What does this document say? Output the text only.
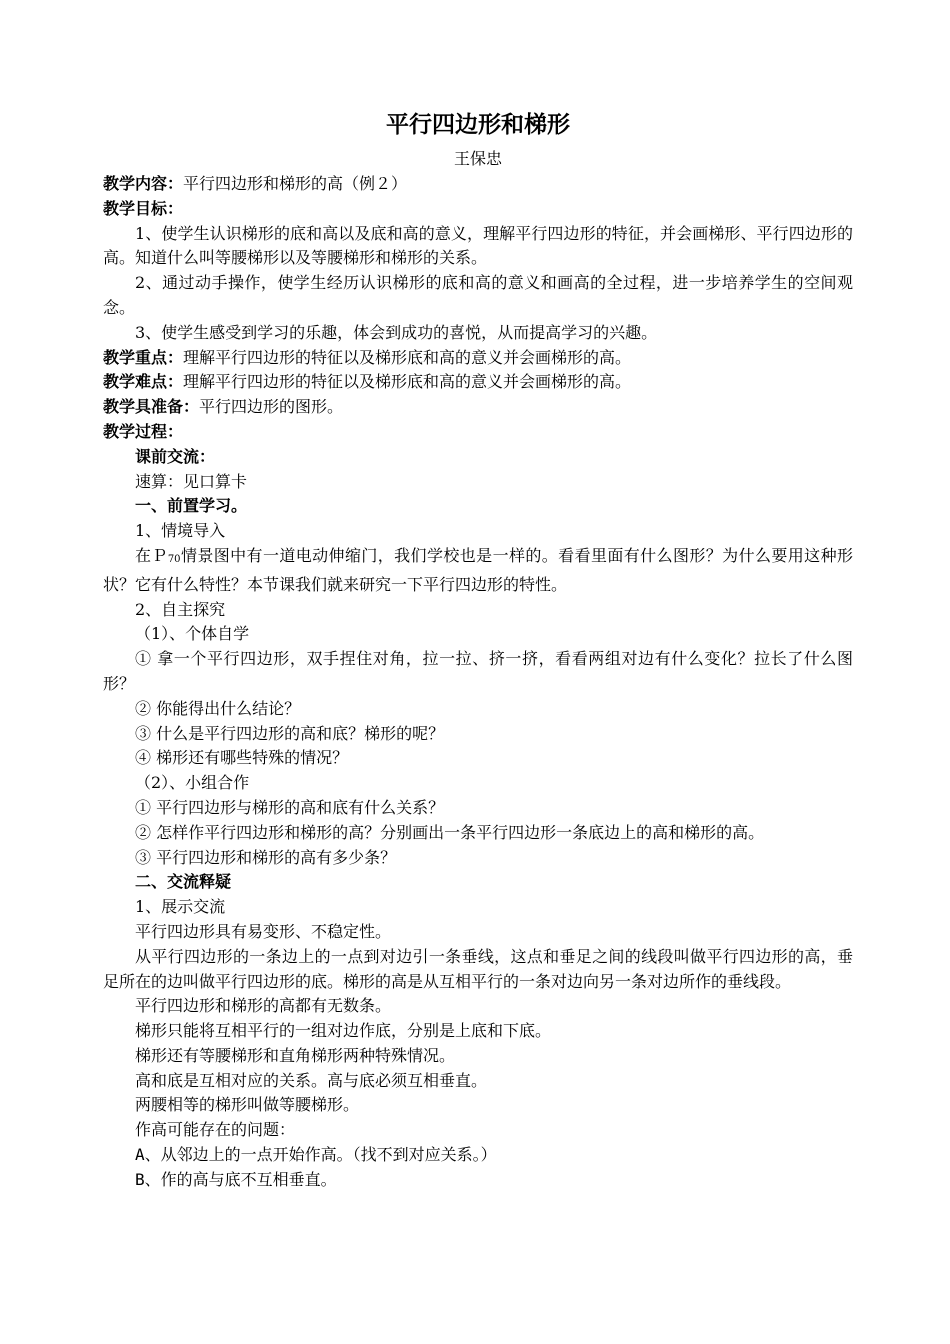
平行四边形和梯形
王保忠
教学内容：平行四边形和梯形的高（例２）
教学目标：

1、使学生认识梯形的底和高以及底和高的意义，理解平行四边形的特征，并会画梯形、平行四边形的高。知道什么叫等腰梯形以及等腰梯形和梯形的关系。

2、通过动手操作，使学生经历认识梯形的底和高的意义和画高的全过程，进一步培养学生的空间观念。

3、使学生感受到学习的乐趣，体会到成功的喜悦，从而提高学习的兴趣。

教学重点：理解平行四边形的特征以及梯形底和高的意义并会画梯形的高。
教学难点：理解平行四边形的特征以及梯形底和高的意义并会画梯形的高。
教学具准备：平行四边形的图形。
教学过程：
课前交流：
速算：见口算卡
一、前置学习。
1、情境导入

在Ｐ$_{70}$情景图中有一道电动伸缩门，我们学校也是一样的。看看里面有什么图形？为什么要用这种形状？它有什么特性？本节课我们就来研究一下平行四边形的特性。

2、自主探究
（1）、个体自学

① 拿一个平行四边形，双手捏住对角，拉一拉、挤一挤，看看两组对边有什么变化？拉长了什么图形？

② 你能得出什么结论？

③ 什么是平行四边形的高和底？梯形的呢？

④ 梯形还有哪些特殊的情况？

（2）、小组合作

① 平行四边形与梯形的高和底有什么关系？

② 怎样作平行四边形和梯形的高？分别画出一条平行四边形一条底边上的高和梯形的高。

③ 平行四边形和梯形的高有多少条？

二、交流释疑
1、展示交流

平行四边形具有易变形、不稳定性。

从平行四边形的一条边上的一点到对边引一条垂线，这点和垂足之间的线段叫做平行四边形的高，垂足所在的边叫做平行四边形的底。梯形的高是从互相平行的一条对边向另一条对边所作的垂线段。

平行四边形和梯形的高都有无数条。

梯形只能将互相平行的一组对边作底，分别是上底和下底。

梯形还有等腰梯形和直角梯形两种特殊情况。

高和底是互相对应的关系。高与底必须互相垂直。

两腰相等的梯形叫做等腰梯形。

作高可能存在的问题：

A、从邻边上的一点开始作高。（找不到对应关系。）

B、作的高与底不互相垂直。
